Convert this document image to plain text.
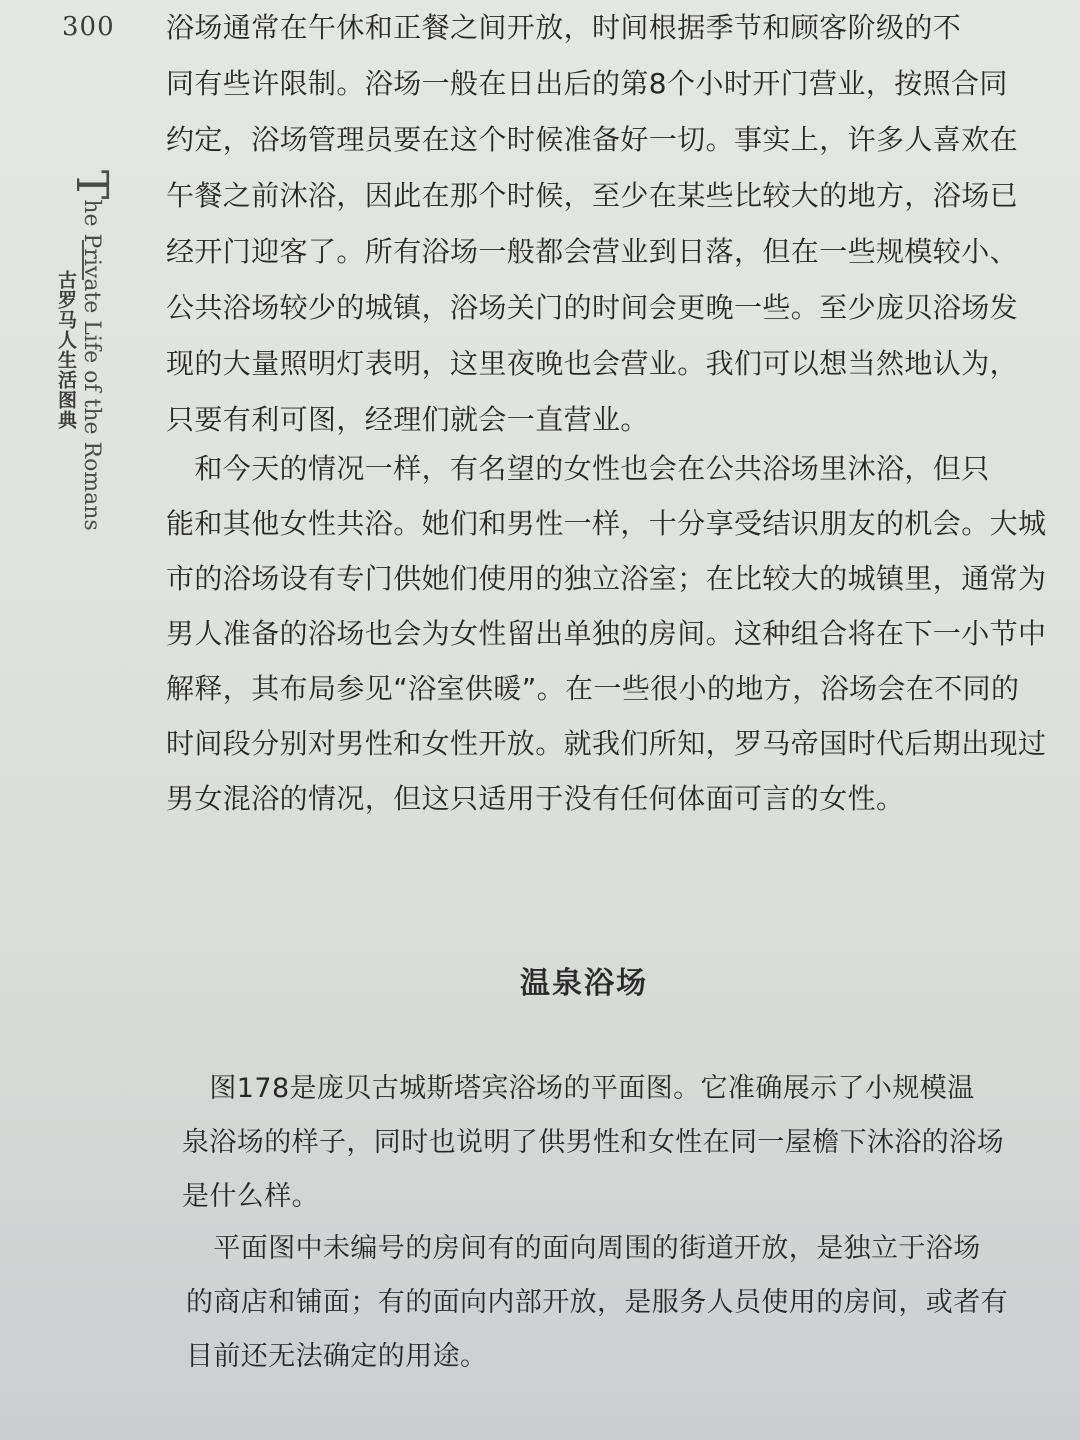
300
The Private Life of the Romans
古罗马人生活图典
浴场通常在午休和正餐之间开放，时间根据季节和顾客阶级的不
同有些许限制。浴场一般在日出后的第8个小时开门营业，按照合同
约定，浴场管理员要在这个时候准备好一切。事实上，许多人喜欢在
午餐之前沐浴，因此在那个时候，至少在某些比较大的地方，浴场已
经开门迎客了。所有浴场一般都会营业到日落，但在一些规模较小、
公共浴场较少的城镇，浴场关门的时间会更晚一些。至少庞贝浴场发
现的大量照明灯表明，这里夜晚也会营业。我们可以想当然地认为，
只要有利可图，经理们就会一直营业。
　和今天的情况一样，有名望的女性也会在公共浴场里沐浴，但只
能和其他女性共浴。她们和男性一样，十分享受结识朋友的机会。大城
市的浴场设有专门供她们使用的独立浴室；在比较大的城镇里，通常为
男人准备的浴场也会为女性留出单独的房间。这种组合将在下一小节中
解释，其布局参见“浴室供暖”。在一些很小的地方，浴场会在不同的
时间段分别对男性和女性开放。就我们所知，罗马帝国时代后期出现过
男女混浴的情况，但这只适用于没有任何体面可言的女性。
温泉浴场
　图178是庞贝古城斯塔宾浴场的平面图。它准确展示了小规模温
泉浴场的样子，同时也说明了供男性和女性在同一屋檐下沐浴的浴场
是什么样。
　平面图中未编号的房间有的面向周围的街道开放，是独立于浴场
的商店和铺面；有的面向内部开放，是服务人员使用的房间，或者有
目前还无法确定的用途。
